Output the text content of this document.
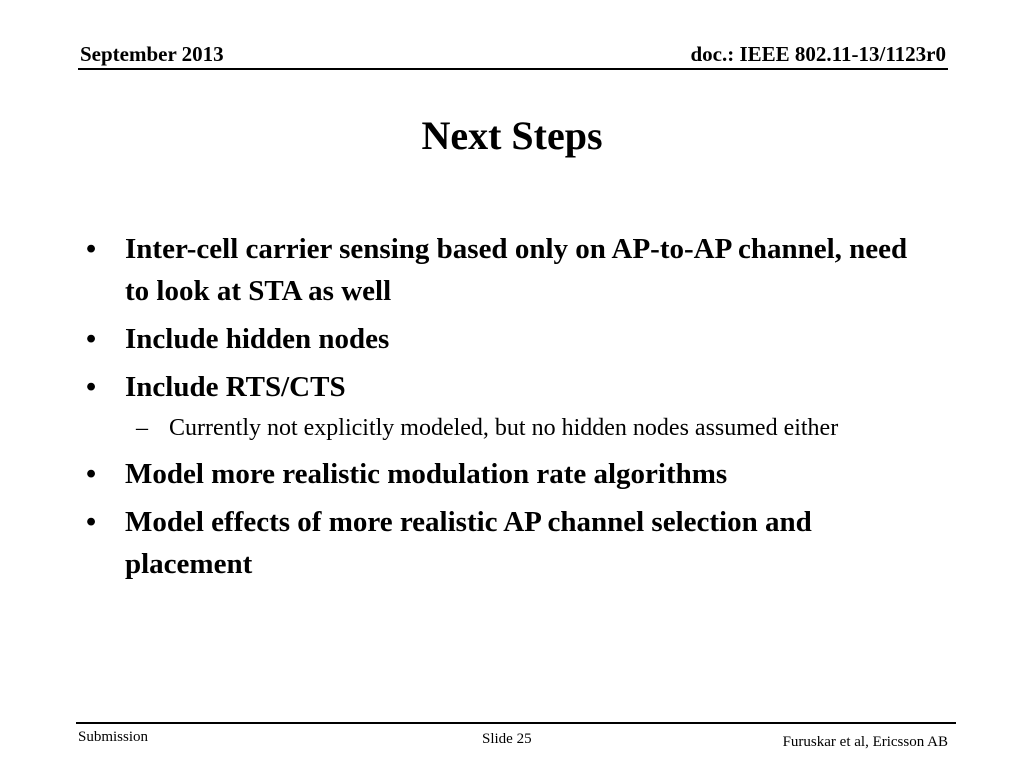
September 2013	doc.: IEEE 802.11-13/1123r0
Next Steps
• Inter-cell carrier sensing based only on AP-to-AP channel, need to look at STA as well
• Include hidden nodes
• Include RTS/CTS
– Currently not explicitly modeled, but no hidden nodes assumed either
• Model more realistic modulation rate algorithms
• Model effects of more realistic AP channel selection and placement
Submission	Slide 25	Furuskar et al, Ericsson AB
